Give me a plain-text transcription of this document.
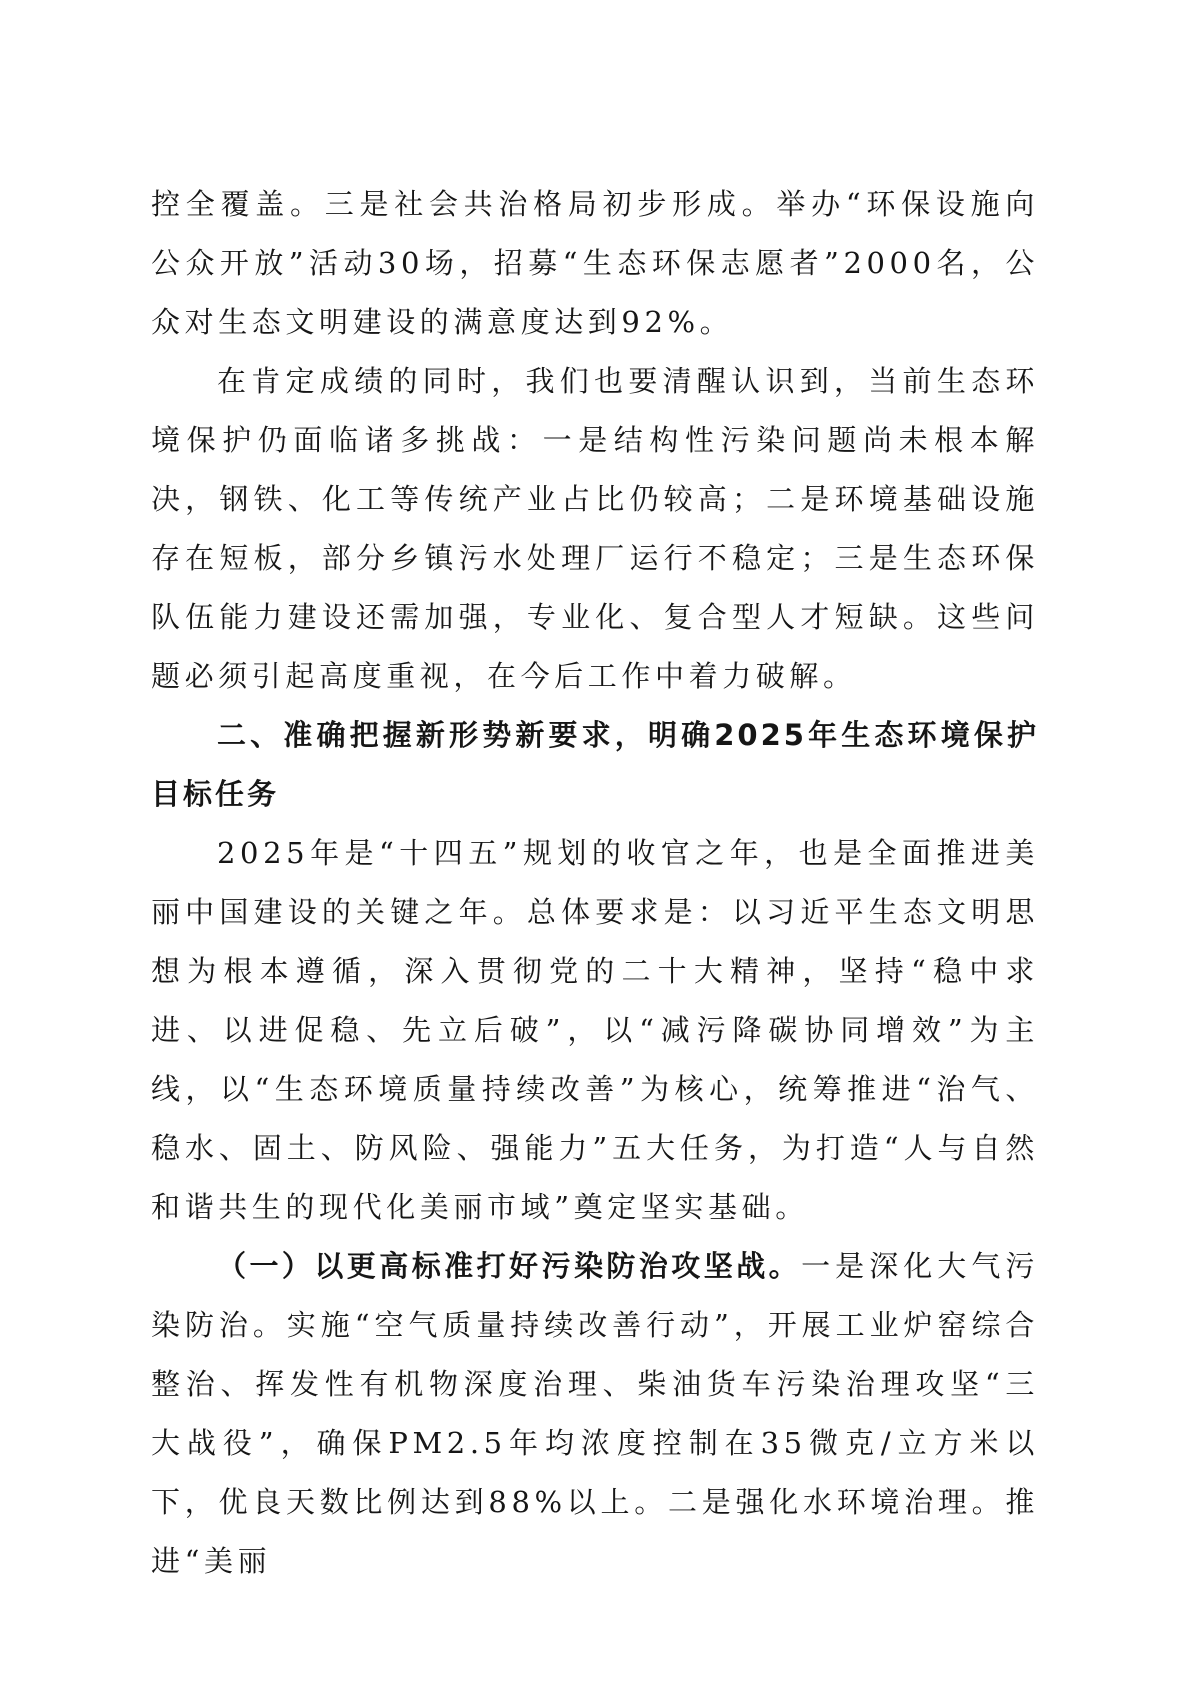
控全覆盖。三是社会共治格局初步形成。举办“环保设施向公众开放”活动30场，招募“生态环保志愿者”2000名，公众对生态文明建设的满意度达到92%。

在肯定成绩的同时，我们也要清醒认识到，当前生态环境保护仍面临诸多挑战：一是结构性污染问题尚未根本解决，钢铁、化工等传统产业占比仍较高；二是环境基础设施存在短板，部分乡镇污水处理厂运行不稳定；三是生态环保队伍能力建设还需加强，专业化、复合型人才短缺。这些问题必须引起高度重视，在今后工作中着力破解。

二、准确把握新形势新要求，明确2025年生态环境保护目标任务

2025年是“十四五”规划的收官之年，也是全面推进美丽中国建设的关键之年。总体要求是：以习近平生态文明思想为根本遵循，深入贯彻党的二十大精神，坚持“稳中求进、以进促稳、先立后破”，以“减污降碳协同增效”为主线，以“生态环境质量持续改善”为核心，统筹推进“治气、稳水、固土、防风险、强能力”五大任务，为打造“人与自然和谐共生的现代化美丽市域”奠定坚实基础。

（一）以更高标准打好污染防治攻坚战。一是深化大气污染防治。实施“空气质量持续改善行动”，开展工业炉窑综合整治、挥发性有机物深度治理、柴油货车污染治理攻坚“三大战役”，确保PM2.5年均浓度控制在35微克/立方米以下，优良天数比例达到88%以上。二是强化水环境治理。推进“美丽
